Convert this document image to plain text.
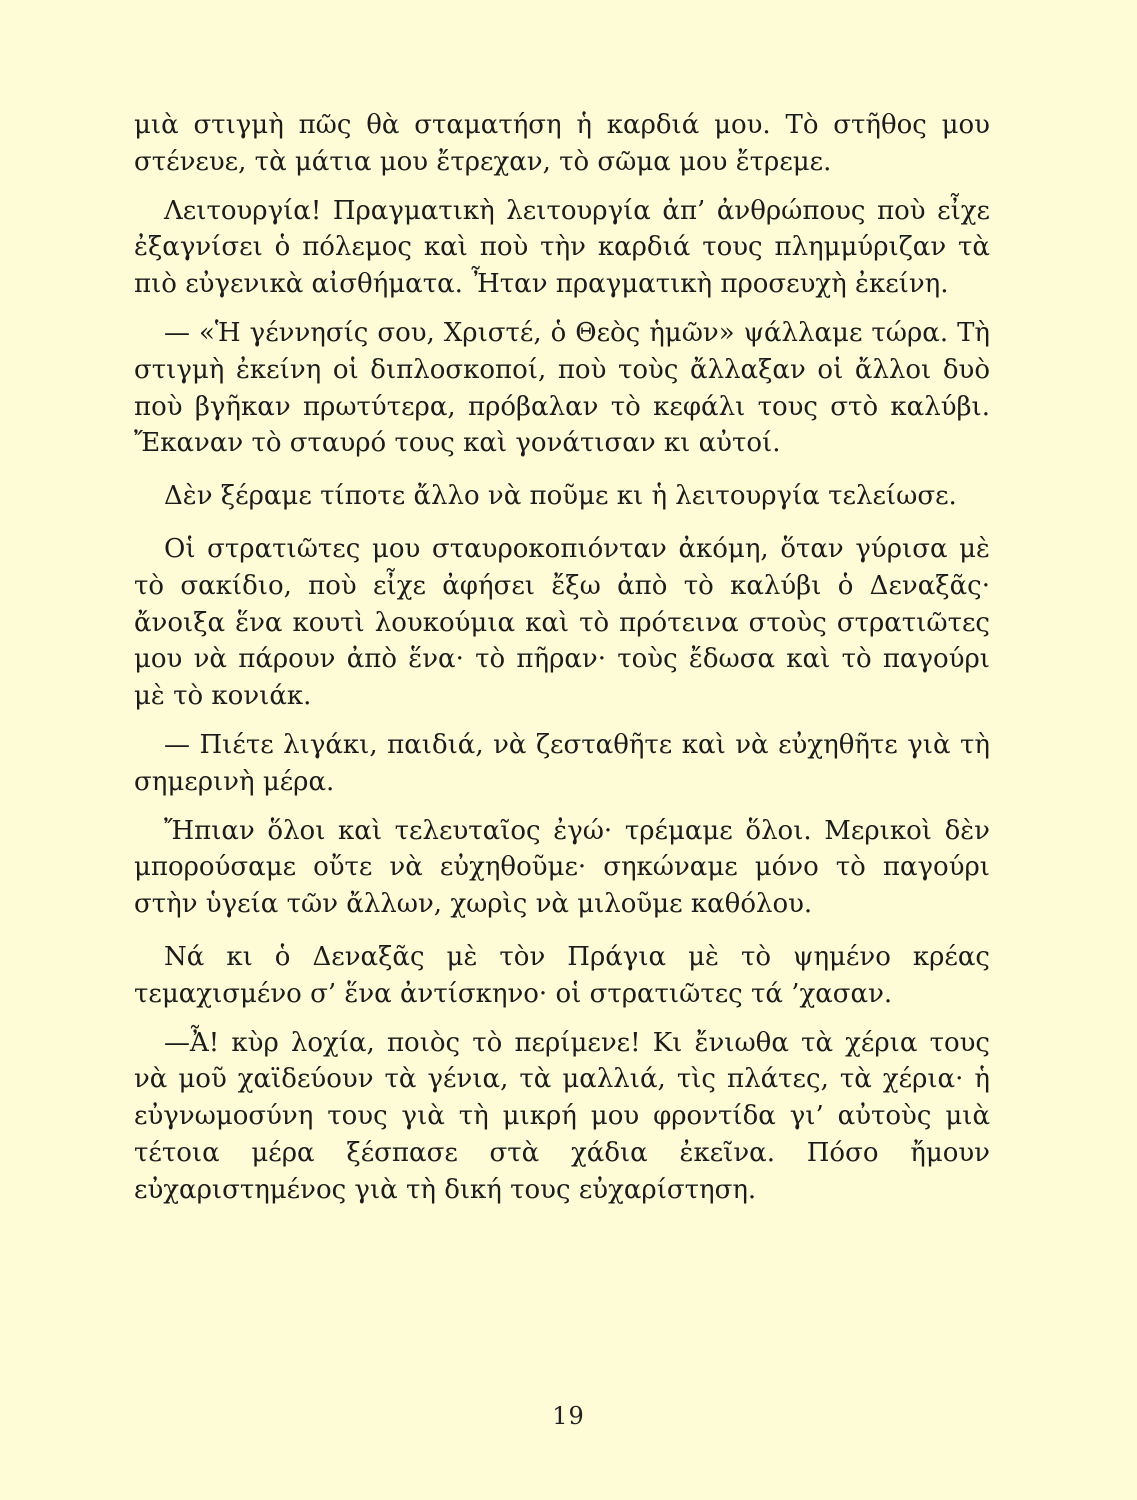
μιὰ στιγμὴ πῶς θὰ σταματήση ἡ καρδιά μου. Τὸ στῆθος μου στένευε, τὰ μάτια μου ἔτρεχαν, τὸ σῶμα μου ἔτρεμε.

Λειτουργία! Πραγματικὴ λειτουργία ἀπ’ ἀνθρώπους ποὺ εἶχε ἐξαγνίσει ὁ πόλεμος καὶ ποὺ τὴν καρδιά τους πλημμύριζαν τὰ πιὸ εὐγενικὰ αἰσθήματα. Ἦταν πραγματικὴ προσευχὴ ἐκείνη.

— «Ἡ γέννησίς σου, Χριστέ, ὁ Θεὸς ἡμῶν» ψάλλαμε τώρα. Τὴ στιγμὴ ἐκείνη οἱ διπλοσκοποί, ποὺ τοὺς ἄλλαξαν οἱ ἄλλοι δυὸ ποὺ βγῆκαν πρωτύτερα, πρόβαλαν τὸ κεφάλι τους στὸ καλύβι. Ἔκαναν τὸ σταυρό τους καὶ γονάτισαν κι αὐτοί.

Δὲν ξέραμε τίποτε ἄλλο νὰ ποῦμε κι ἡ λειτουργία τελείωσε.

Οἱ στρατιῶτες μου σταυροκοπιόνταν ἀκόμη, ὅταν γύρισα μὲ τὸ σακίδιο, ποὺ εἶχε ἀφήσει ἔξω ἀπὸ τὸ καλύβι ὁ Δεναξᾶς· ἄνοιξα ἕνα κουτὶ λουκούμια καὶ τὸ πρότεινα στοὺς στρατιῶτες μου νὰ πάρουν ἀπὸ ἕνα· τὸ πῆραν· τοὺς ἔδωσα καὶ τὸ παγούρι μὲ τὸ κονιάκ.

— Πιέτε λιγάκι, παιδιά, νὰ ζεσταθῆτε καὶ νὰ εὐχηθῆτε γιὰ τὴ σημερινὴ μέρα.

Ἤπιαν ὅλοι καὶ τελευταῖος ἐγώ· τρέμαμε ὅλοι. Μερικοὶ δὲν μπορούσαμε οὔτε νὰ εὐχηθοῦμε· σηκώναμε μόνο τὸ παγούρι στὴν ὑγεία τῶν ἄλλων, χωρὶς νὰ μιλοῦμε καθόλου.

Νά κι ὁ Δεναξᾶς μὲ τὸν Πράγια μὲ τὸ ψημένο κρέας τεμαχισμένο σ’ ἕνα ἀντίσκηνο· οἱ στρατιῶτες τά ’χασαν.

—Ἆ! κὺρ λοχία, ποιὸς τὸ περίμενε! Κι ἔνιωθα τὰ χέρια τους νὰ μοῦ χαϊδεύουν τὰ γένια, τὰ μαλλιά, τὶς πλάτες, τὰ χέρια· ἡ εὐγνωμοσύνη τους γιὰ τὴ μικρή μου φροντίδα γι’ αὐτοὺς μιὰ τέτοια μέρα ξέσπασε στὰ χάδια ἐκεῖνα. Πόσο ἤμουν εὐχαριστημένος γιὰ τὴ δική τους εὐχαρίστηση.

19
